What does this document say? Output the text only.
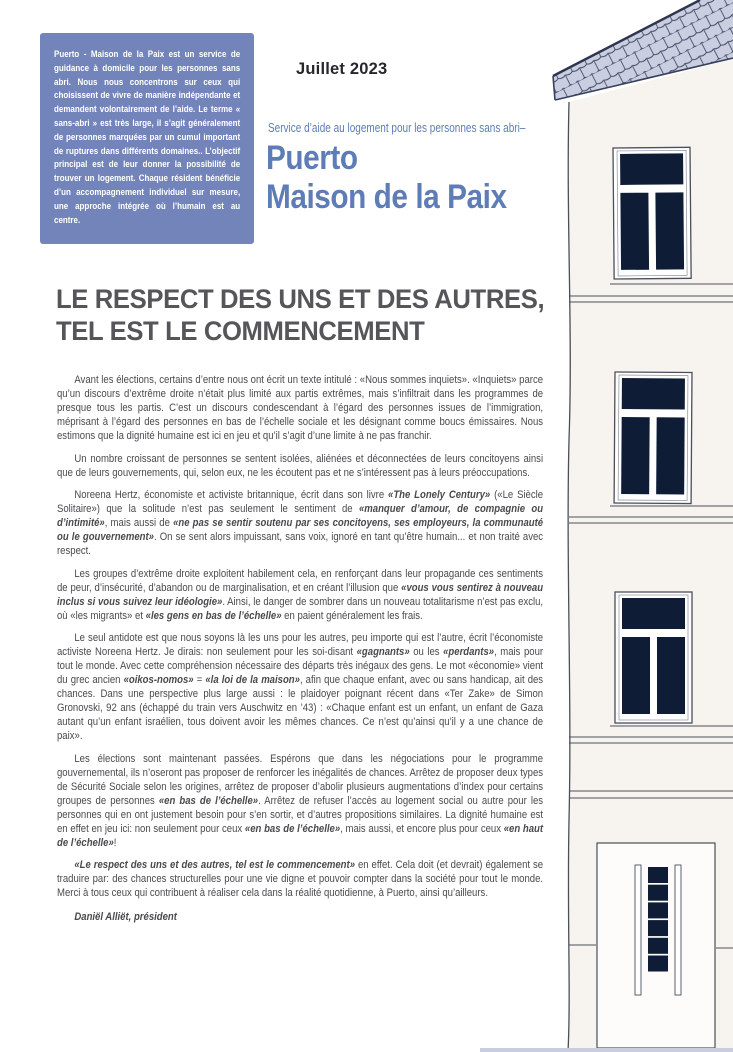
Puerto - Maison de la Paix est un service de guidance à domicile pour les personnes sans abri. Nous nous concentrons sur ceux qui choisissent de vivre de manière indépendante et demandent volontairement de l’aide. Le terme « sans-abri » est très large, il s’agit généralement de personnes marquées par un cumul important de ruptures dans différents domaines.. L’objectif principal est de leur donner la possibilité de trouver un logement. Chaque résident bénéficie d’un accompagnement individuel sur mesure, une approche intégrée où l’humain est au centre.

Juillet 2023
Service d’aide au logement pour les personnes sans abri–
Puerto
Maison de la Paix
LE RESPECT DES UNS ET DES AUTRES,
TEL EST LE COMMENCEMENT

Avant les élections, certains d’entre nous ont écrit un texte intitulé : «Nous sommes inquiets». «Inquiets» parce qu’un discours d’extrême droite n’était plus limité aux partis extrêmes, mais s’infiltrait dans les programmes de presque tous les partis. C’est un discours condescendant à l’égard des personnes issues de l’immigration, méprisant à l’égard des personnes en bas de l’échelle sociale et les désignant comme boucs émissaires. Nous estimons que la dignité humaine est ici en jeu et qu’il s’agit d’une limite à ne pas franchir.

Un nombre croissant de personnes se sentent isolées, aliénées et déconnectées de leurs concitoyens ainsi que de leurs gouvernements, qui, selon eux, ne les écoutent pas et ne s’intéressent pas à leurs préoccupations.

Noreena Hertz, économiste et activiste britannique, écrit dans son livre «The Lonely Century» («Le Siècle Solitaire») que la solitude n’est pas seulement le sentiment de «manquer d’amour, de compagnie ou d’intimité», mais aussi de «ne pas se sentir soutenu par ses concitoyens, ses employeurs, la communauté ou le gouvernement». On se sent alors impuissant, sans voix, ignoré en tant qu’être humain... et non traité avec respect.

Les groupes d’extrême droite exploitent habilement cela, en renforçant dans leur propagande ces sentiments de peur, d’insécurité, d’abandon ou de marginalisation, et en créant l’illusion que «vous vous sentirez à nouveau inclus si vous suivez leur idéologie». Ainsi, le danger de sombrer dans un nouveau totalitarisme n’est pas exclu, où «les migrants» et «les gens en bas de l’échelle» en paient généralement les frais.

Le seul antidote est que nous soyons là les uns pour les autres, peu importe qui est l’autre, écrit l’économiste activiste Noreena Hertz. Je dirais: non seulement pour les soi-disant «gagnants» ou les «perdants», mais pour tout le monde. Avec cette compréhension nécessaire des départs très inégaux des gens. Le mot «économie» vient du grec ancien «oikos-nomos» = «la loi de la maison», afin que chaque enfant, avec ou sans handicap, ait des chances. Dans une perspective plus large aussi : le plaidoyer poignant récent dans «Ter Zake» de Simon Gronovski, 92 ans (échappé du train vers Auschwitz en ’43) : «Chaque enfant est un enfant, un enfant de Gaza autant qu’un enfant israélien, tous doivent avoir les mêmes chances. Ce n’est qu’ainsi qu’il y a une chance de paix».

Les élections sont maintenant passées. Espérons que dans les négociations pour le programme gouvernemental, ils n’oseront pas proposer de renforcer les inégalités de chances. Arrêtez de proposer deux types de Sécurité Sociale selon les origines, arrêtez de proposer d’abolir plusieurs augmentations d’index pour certains groupes de personnes «en bas de l’échelle». Arrêtez de refuser l’accès au logement social ou autre pour les personnes qui en ont justement besoin pour s’en sortir, et d’autres propositions similaires. La dignité humaine est en effet en jeu ici: non seulement pour ceux «en bas de l’échelle», mais aussi, et encore plus pour ceux «en haut de l’échelle»!

«Le respect des uns et des autres, tel est le commencement» en effet. Cela doit (et devrait) également se traduire par: des chances structurelles pour une vie digne et pouvoir compter dans la société pour tout le monde. Merci à tous ceux qui contribuent à réaliser cela dans la réalité quotidienne, à Puerto, ainsi qu’ailleurs.

Daniël Alliët, président
